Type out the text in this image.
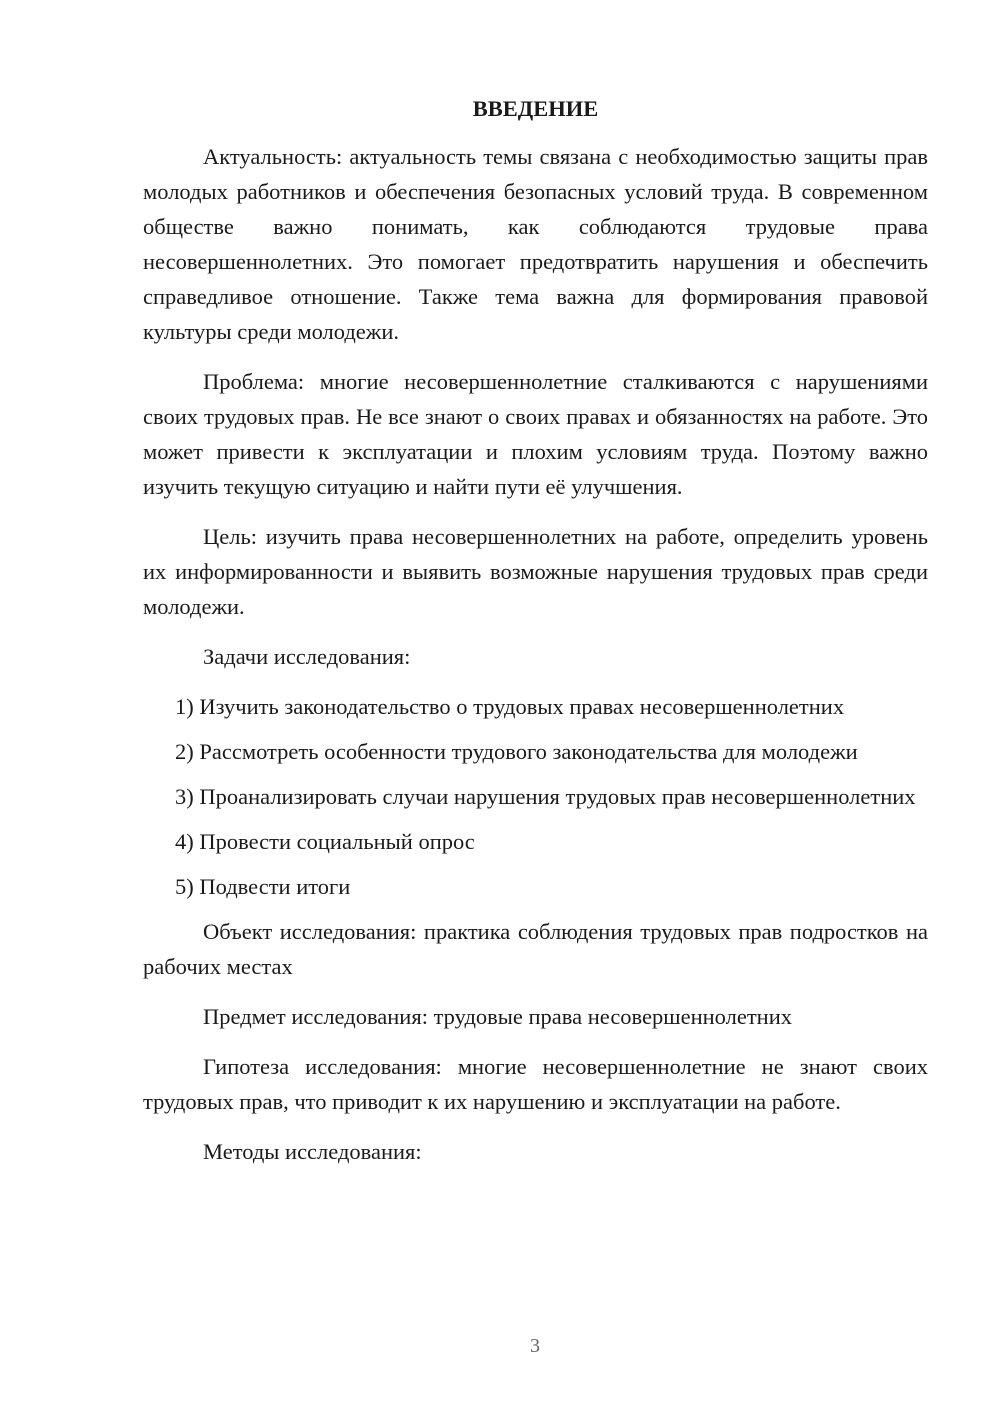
ВВЕДЕНИЕ

Актуальность: актуальность темы связана с необходимостью защиты прав молодых работников и обеспечения безопасных условий труда. В современном обществе важно понимать, как соблюдаются трудовые права несовершеннолетних. Это помогает предотвратить нарушения и обеспечить справедливое отношение. Также тема важна для формирования правовой культуры среди молодежи.

Проблема: многие несовершеннолетние сталкиваются с нарушениями своих трудовых прав. Не все знают о своих правах и обязанностях на работе. Это может привести к эксплуатации и плохим условиям труда. Поэтому важно изучить текущую ситуацию и найти пути её улучшения.

Цель: изучить права несовершеннолетних на работе, определить уровень их информированности и выявить возможные нарушения трудовых прав среди молодежи.

Задачи исследования:

1) Изучить законодательство о трудовых правах несовершеннолетних

2) Рассмотреть особенности трудового законодательства для молодежи

3) Проанализировать случаи нарушения трудовых прав несовершеннолетних

4) Провести социальный опрос

5) Подвести итоги

Объект исследования: практика соблюдения трудовых прав подростков на рабочих местах

Предмет исследования: трудовые права несовершеннолетних

Гипотеза исследования: многие несовершеннолетние не знают своих трудовых прав, что приводит к их нарушению и эксплуатации на работе.

Методы исследования:

3
